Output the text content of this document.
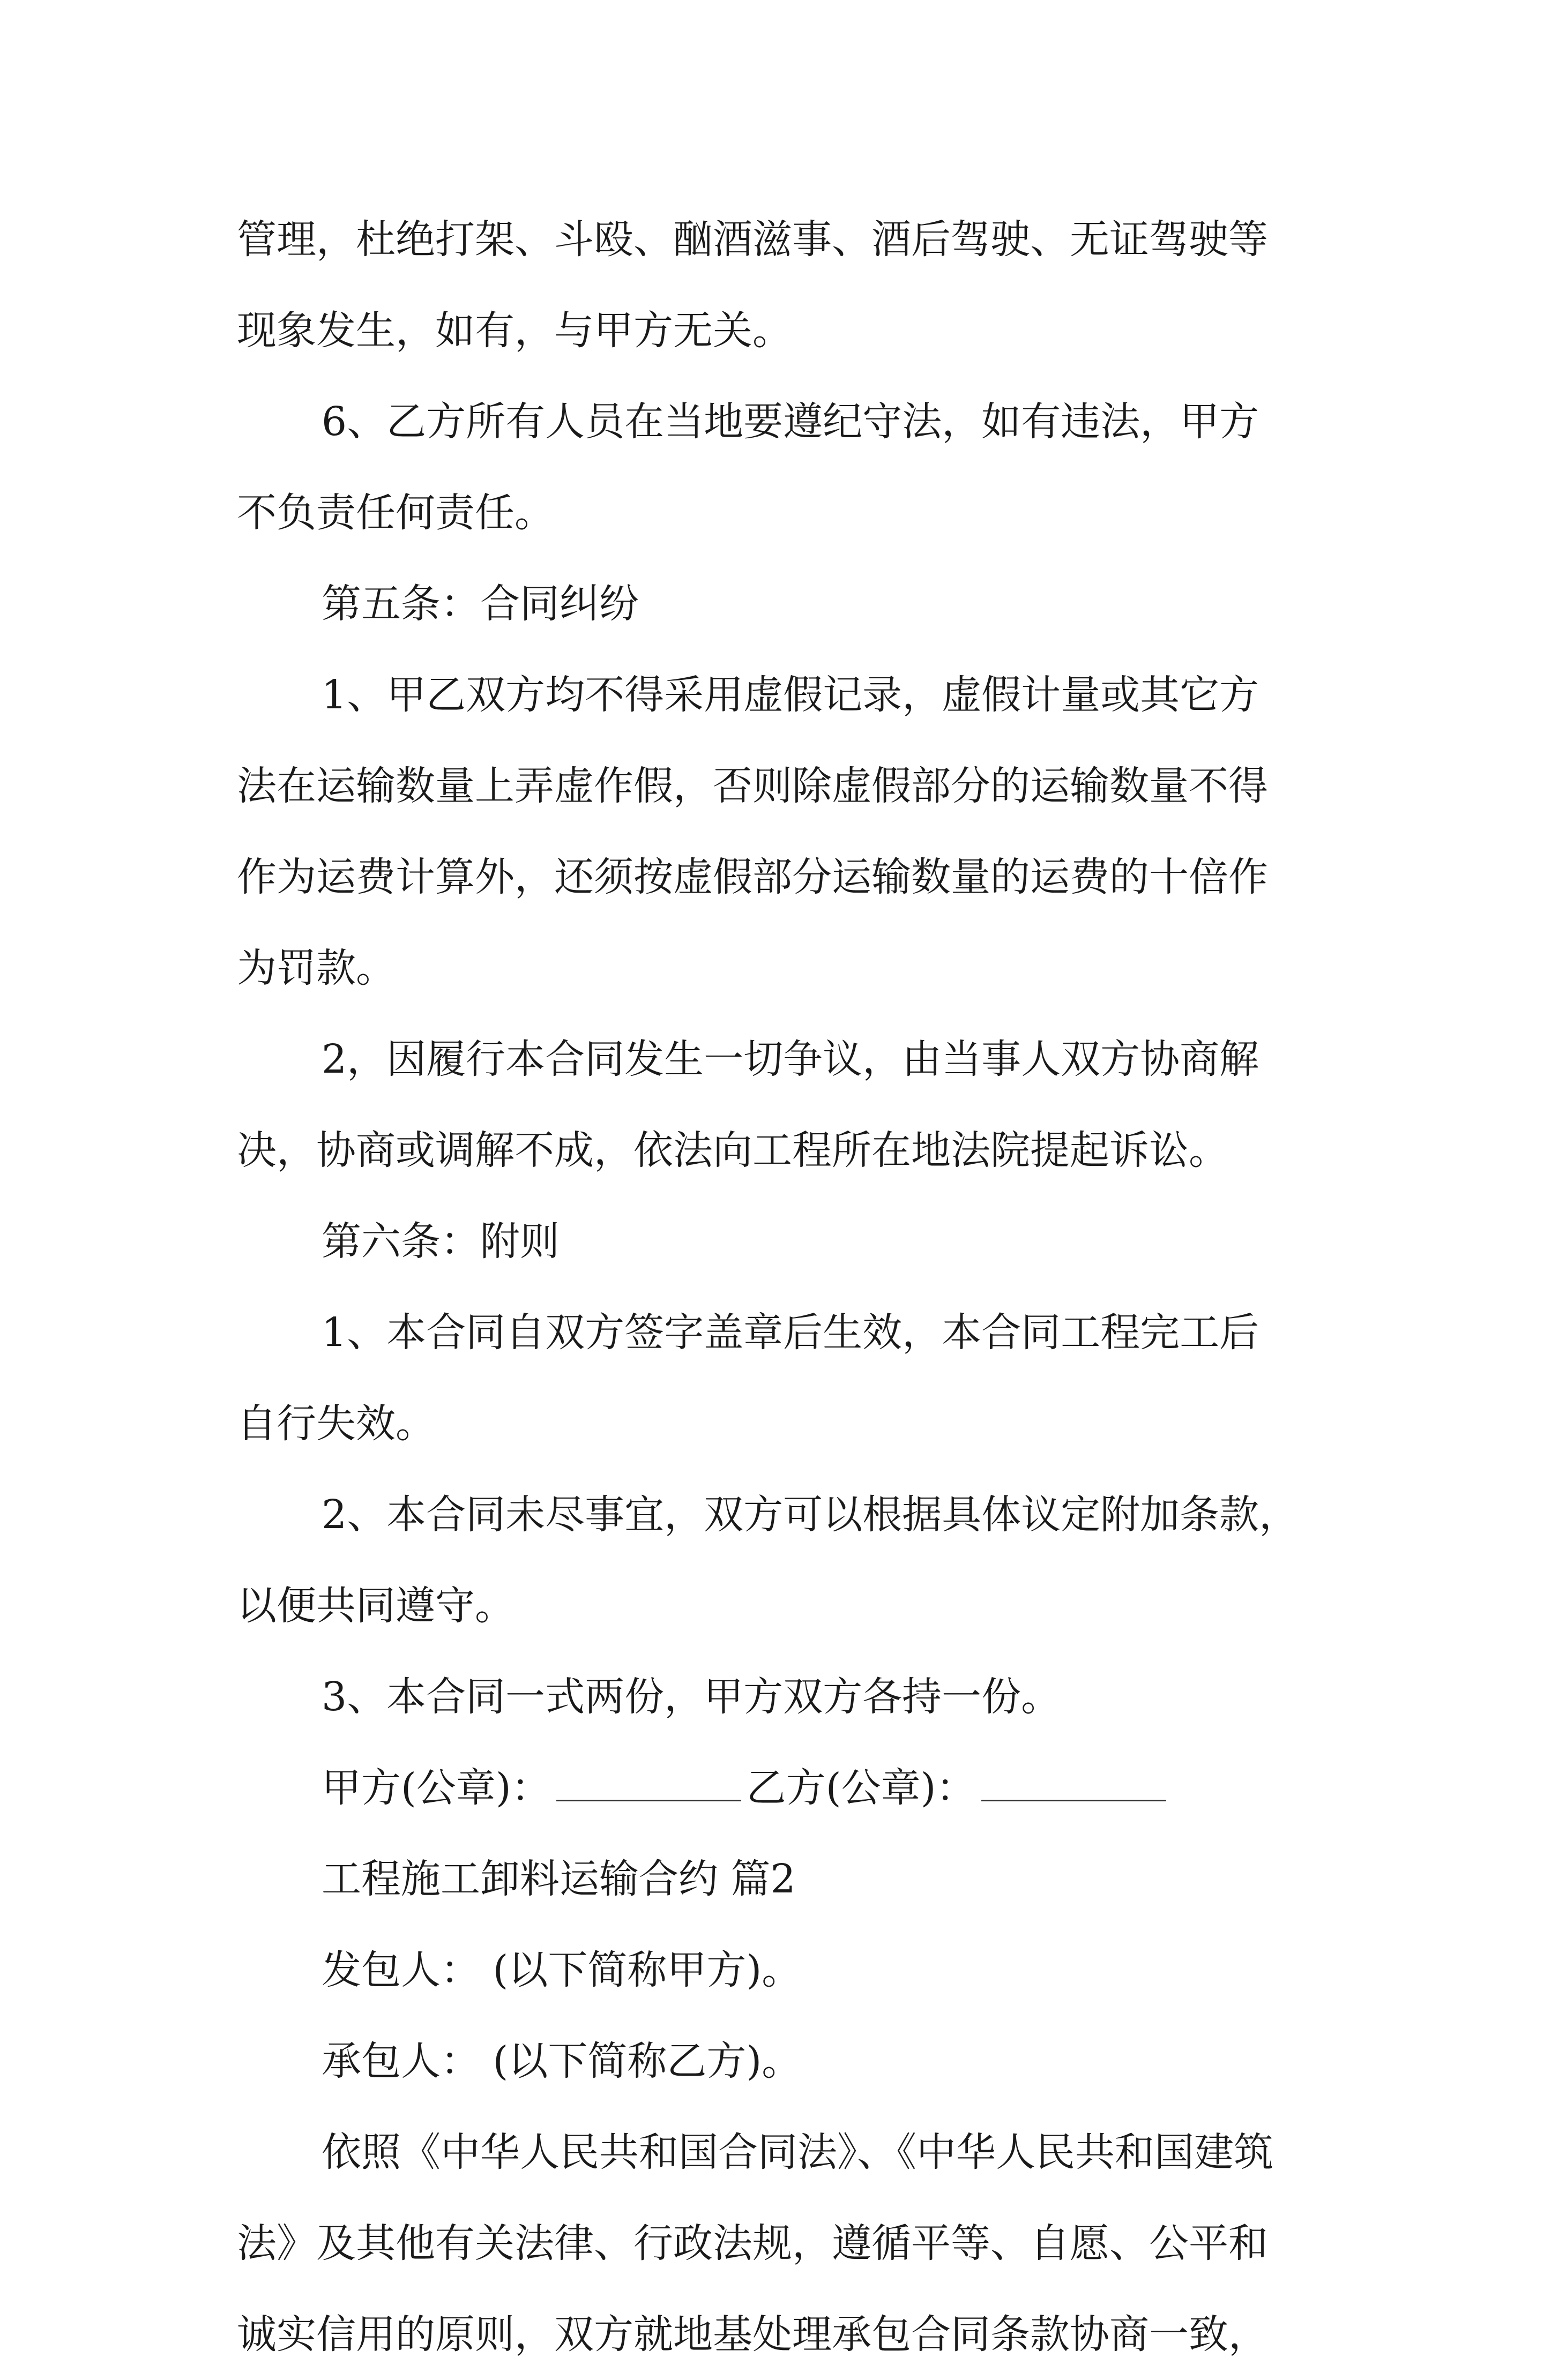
管理，杜绝打架、斗殴、酗酒滋事、酒后驾驶、无证驾驶等
现象发生，如有，与甲方无关。
6、乙方所有人员在当地要遵纪守法，如有违法，甲方
不负责任何责任。
第五条：合同纠纷
1、甲乙双方均不得采用虚假记录，虚假计量或其它方
法在运输数量上弄虚作假，否则除虚假部分的运输数量不得
作为运费计算外，还须按虚假部分运输数量的运费的十倍作
为罚款。
2，因履行本合同发生一切争议，由当事人双方协商解
决，协商或调解不成，依法向工程所在地法院提起诉讼。
第六条：附则
1、本合同自双方签字盖章后生效，本合同工程完工后
自行失效。
2、本合同未尽事宜，双方可以根据具体议定附加条款，
以便共同遵守。
3、本合同一式两份，甲方双方各持一份。
甲方(公章)：	乙方(公章)：
工程施工卸料运输合约 篇2
发包人： (以下简称甲方)。
承包人： (以下简称乙方)。
依照《中华人民共和国合同法》、《中华人民共和国建筑
法》及其他有关法律、行政法规，遵循平等、自愿、公平和
诚实信用的原则，双方就地基处理承包合同条款协商一致，
